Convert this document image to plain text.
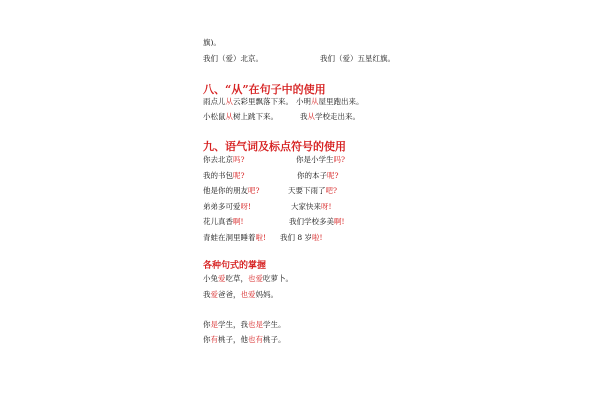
旗)。
我们（爱）北京。	我们（爱）五星红旗。
八、“从”在句子中的使用
雨点儿从云彩里飘落下来。 小明从屋里跑出来。
小松鼠从树上跳下来。	我从学校走出来。
九、语气词及标点符号的使用
你去北京吗?	你是小学生吗?
我的书包呢?	你的本子呢?
他是你的朋友吧?	天要下雨了吧?
弟弟多可爱呀!	大家快来呀!
花儿真香啊!	我们学校多美啊!
青蛙在洞里睡着啦! 我们 8 岁啦!
各种句式的掌握
小兔爱吃草，也爱吃萝卜。
我爱爸爸，也爱妈妈。
你是学生，我也是学生。
你有桃子，他也有桃子。
